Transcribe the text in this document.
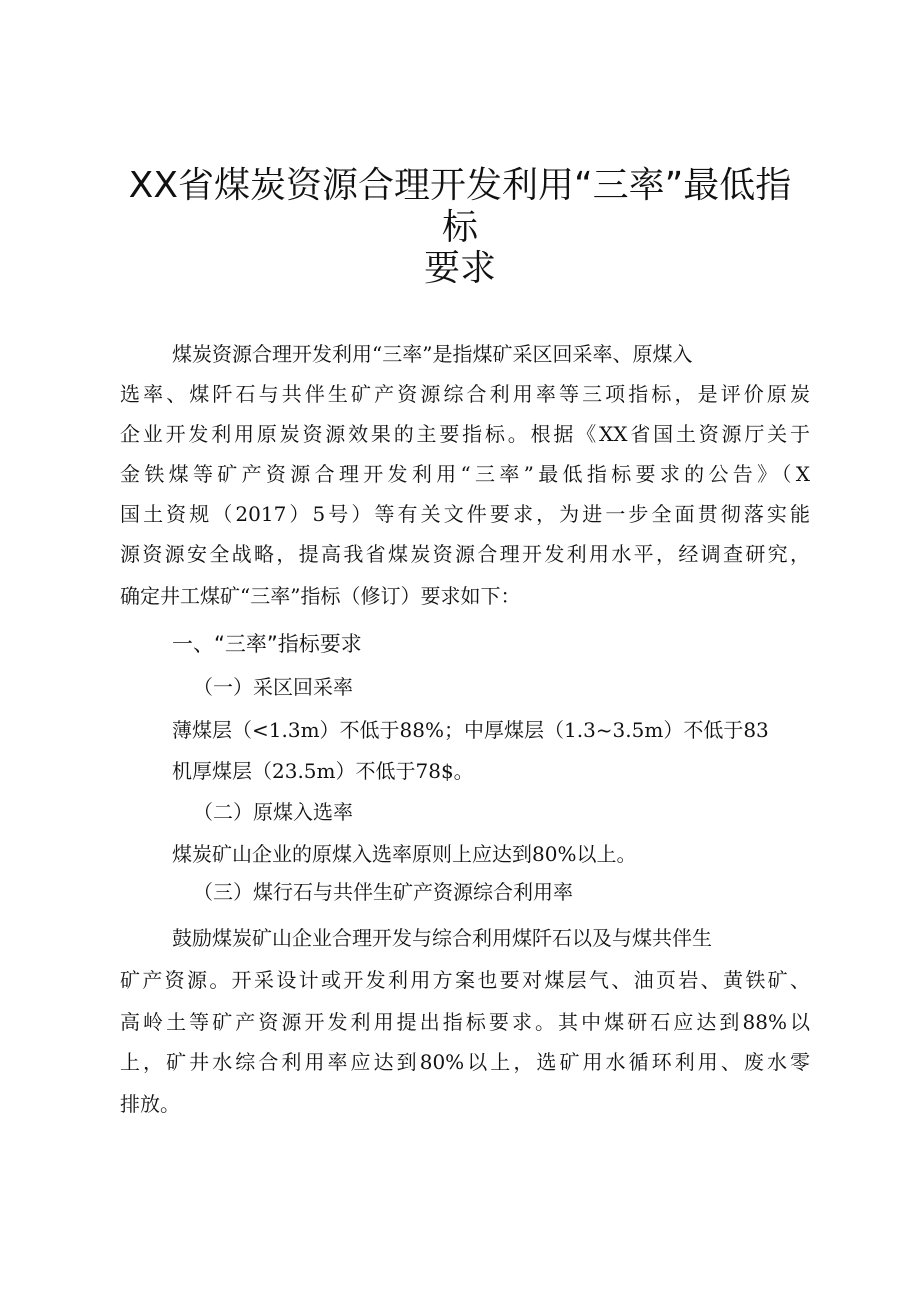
XX省煤炭资源合理开发利用“三率”最低指
标
要求
煤炭资源合理开发利用“三率”是指煤矿采区回采率、原煤入
选率、煤阡石与共伴生矿产资源综合利用率等三项指标，是评价原炭
企业开发利用原炭资源效果的主要指标。根据《XX省国土资源厅关于
金铁煤等矿产资源合理开发利用“三率”最低指标要求的公告》（X
国土资规（2017）5号）等有关文件要求，为进一步全面贯彻落实能
源资源安全战略，提高我省煤炭资源合理开发利用水平，经调查研究，
确定井工煤矿“三率”指标（修订）要求如下：
一、“三率”指标要求
（一）采区回采率
薄煤层（<1.3m）不低于88%；中厚煤层（1.3~3.5m）不低于83
机厚煤层（23.5m）不低于78$。
（二）原煤入选率
煤炭矿山企业的原煤入选率原则上应达到80%以上。
（三）煤行石与共伴生矿产资源综合利用率
鼓励煤炭矿山企业合理开发与综合利用煤阡石以及与煤共伴生
矿产资源。开采设计或开发利用方案也要对煤层气、油页岩、黄铁矿、
高岭土等矿产资源开发利用提出指标要求。其中煤研石应达到88%以
上，矿井水综合利用率应达到80%以上，选矿用水循环利用、废水零
排放。
